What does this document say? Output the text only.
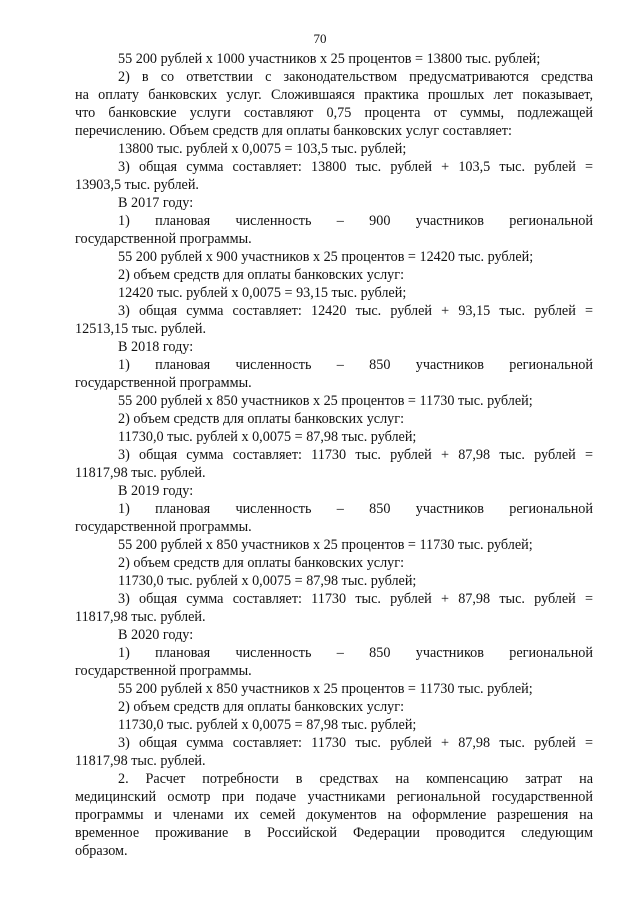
70
55 200 рублей х 1000 участников х 25 процентов = 13800 тыс. рублей;
2) в со ответствии с законодательством предусматриваются средства
на оплату банковских услуг. Сложившаяся практика прошлых лет показывает,
что банковские услуги составляют 0,75 процента от суммы, подлежащей
перечислению. Объем средств для оплаты банковских услуг составляет:
13800 тыс. рублей х 0,0075 = 103,5 тыс. рублей;
3) общая сумма составляет: 13800 тыс. рублей + 103,5 тыс. рублей =
13903,5 тыс. рублей.
В 2017 году:
1) плановая численность – 900 участников региональной
государственной программы.
55 200 рублей х 900 участников х 25 процентов = 12420 тыс. рублей;
2) объем средств для оплаты банковских услуг:
12420 тыс. рублей х 0,0075 = 93,15 тыс. рублей;
3) общая сумма составляет: 12420 тыс. рублей + 93,15 тыс. рублей =
12513,15 тыс. рублей.
В 2018 году:
1) плановая численность – 850 участников региональной
государственной программы.
55 200 рублей х 850 участников х 25 процентов = 11730 тыс. рублей;
2) объем средств для оплаты банковских услуг:
11730,0 тыс. рублей х 0,0075 = 87,98 тыс. рублей;
3) общая сумма составляет: 11730 тыс. рублей + 87,98 тыс. рублей =
11817,98 тыс. рублей.
В 2019 году:
1) плановая численность – 850 участников региональной
государственной программы.
55 200 рублей х 850 участников х 25 процентов = 11730 тыс. рублей;
2) объем средств для оплаты банковских услуг:
11730,0 тыс. рублей х 0,0075 = 87,98 тыс. рублей;
3) общая сумма составляет: 11730 тыс. рублей + 87,98 тыс. рублей =
11817,98 тыс. рублей.
В 2020 году:
1) плановая численность – 850 участников региональной
государственной программы.
55 200 рублей х 850 участников х 25 процентов = 11730 тыс. рублей;
2) объем средств для оплаты банковских услуг:
11730,0 тыс. рублей х 0,0075 = 87,98 тыс. рублей;
3) общая сумма составляет: 11730 тыс. рублей + 87,98 тыс. рублей =
11817,98 тыс. рублей.
2. Расчет потребности в средствах на компенсацию затрат на
медицинский осмотр при подаче участниками региональной государственной
программы и членами их семей документов на оформление разрешения на
временное проживание в Российской Федерации проводится следующим
образом.
